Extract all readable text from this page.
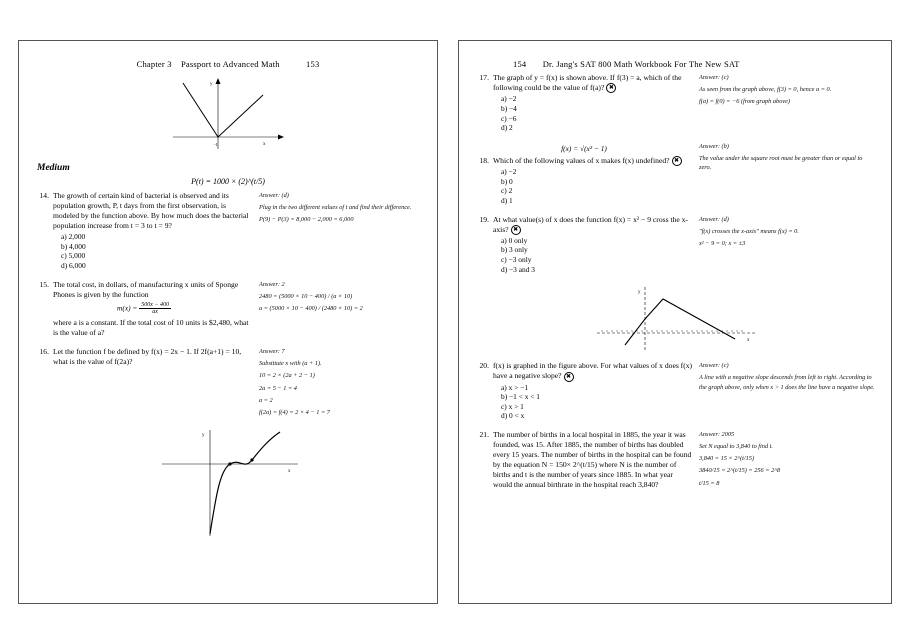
Chapter 3 Passport to Advanced Math	153
x
y
-1
Medium
P(t) = 1000 × (2)^(t/5)
14. The growth of certain kind of bacterial is observed and its population growth, P, t days from the first observation, is modeled by the function above. By how much does the bacterial population increase from t = 3 to t = 9?
a) 2,000
b) 4,000
c) 5,000
d) 6,000
Answer: (d)
Plug in the two different values of t and find their difference.
P(9) − P(3) = 8,000 − 2,000 = 6,000
15. The total cost, in dollars, of manufacturing x units of Sponge Phones is given by the function
$m(x) = \frac{500x - 400}{ax}$
where a is a constant. If the total cost of 10 units is $2,480, what is the value of a?
Answer: 2
2480 = (5000 × 10 − 400) / (a × 10)
a = (5000 × 10 − 400) / (2480 × 10) = 2
16. Let the function f be defined by f(x) = 2x − 1. If 2f(a+1) = 10, what is the value of f(2a)?
Answer: 7
Substitute x with (a + 1).
10 = 2 × (2a + 2 − 1)
2a = 5 − 1 = 4
a = 2
f(2a) = f(4) = 2 × 4 − 1 = 7
x
y
154 Dr. Jang's SAT 800 Math Workbook For The New SAT
17. The graph of y = f(x) is shown above. If f(3) = a, which of the following could be the value of f(a)? ✖
a) −2
b) −4
c) −6
d) 2
Answer: (c)
As seen from the graph above, f(3) = 0, hence a = 0.
f(a) = f(0) = −6 (from graph above)
f(x) = √(x² − 1)
18. Which of the following values of x makes f(x) undefined? ✖
a) −2
b) 0
c) 2
d) 1
Answer: (b)
The value under the square root must be greater than or equal to zero.
19. At what value(s) of x does the function f(x) = x² − 9 cross the x-axis? ✖
a) 0 only
b) 3 only
c) −3 only
d) −3 and 3
Answer: (d)
"f(x) crosses the x-axis" means f(x) = 0.
x² − 9 = 0; x = ±3
x
y
20. f(x) is graphed in the figure above. For what values of x does f(x) have a negative slope? ✖
a) x > −1
b) −1 < x < 1
c) x > 1
d) 0 < x
Answer: (c)
A line with a negative slope descends from left to right. According to the graph above, only when x > 1 does the line have a negative slope.
21. The number of births in a local hospital in 1885, the year it was founded, was 15. After 1885, the number of births has doubled every 15 years. The number of births in the hospital can be found by the equation N = 150× 2^(t/15) where N is the number of births and t is the number of years since 1885. In what year would the annual birthrate in the hospital reach 3,840?
Answer: 2005
Set N equal to 3,840 to find t.
3,840 = 15 × 2^(t/15)
3840/15 = 2^(t/15) = 256 = 2^8
t/15 = 8
